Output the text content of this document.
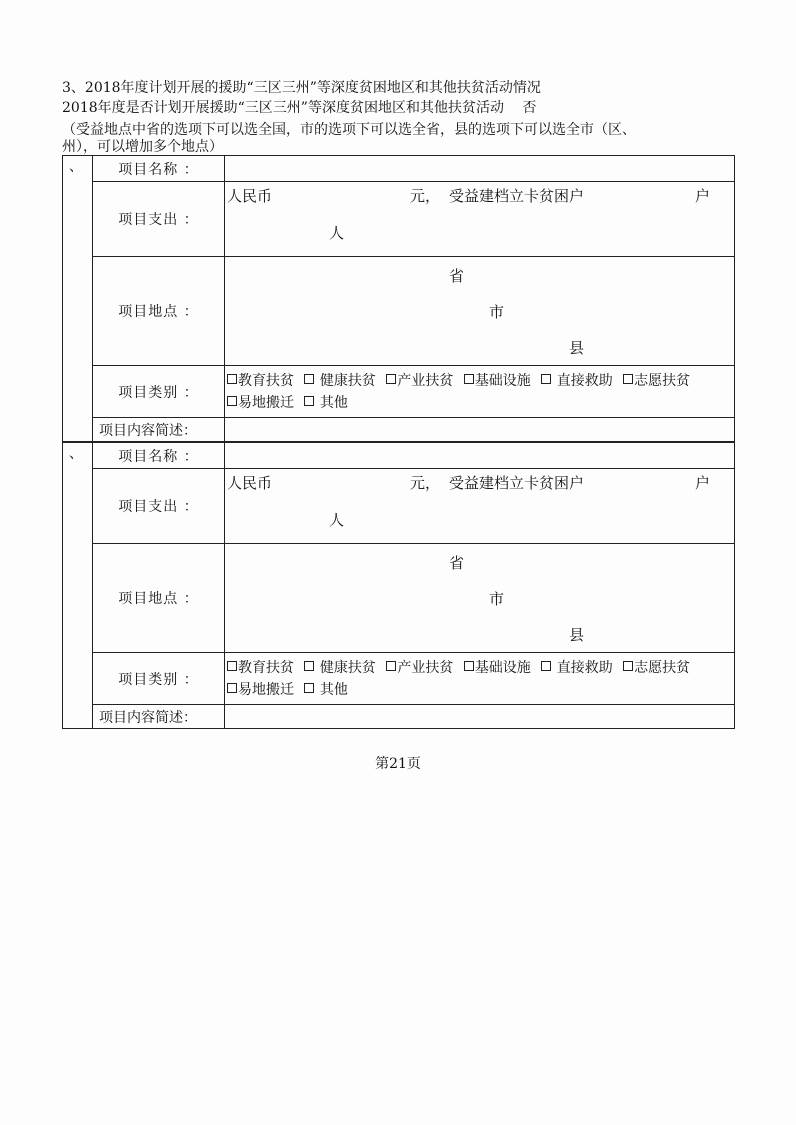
3、2018年度计划开展的援助“三区三州”等深度贫困地区和其他扶贫活动情况
2018年度是否计划开展援助“三区三州”等深度贫困地区和其他扶贫活动 否
（受益地点中省的选项下可以选全国，市的选项下可以选全省，县的选项下可以选全市（区、
州），可以增加多个地点）
、	项目名称 ：	
	项目支出 ：	人民币 元， 受益建档立卡贫困户 户
人

	项目地点 ：	省
市
县

	项目类别 ：	教育扶贫 健康扶贫 产业扶贫 基础设施 直接救助 志愿扶贫
易地搬迁 其他

	项目内容简述：	
、	项目名称 ：	
	项目支出 ：	人民币 元， 受益建档立卡贫困户 户
人

	项目地点 ：	省
市
县

	项目类别 ：	教育扶贫 健康扶贫 产业扶贫 基础设施 直接救助 志愿扶贫
易地搬迁 其他

	项目内容简述：	
第21页
